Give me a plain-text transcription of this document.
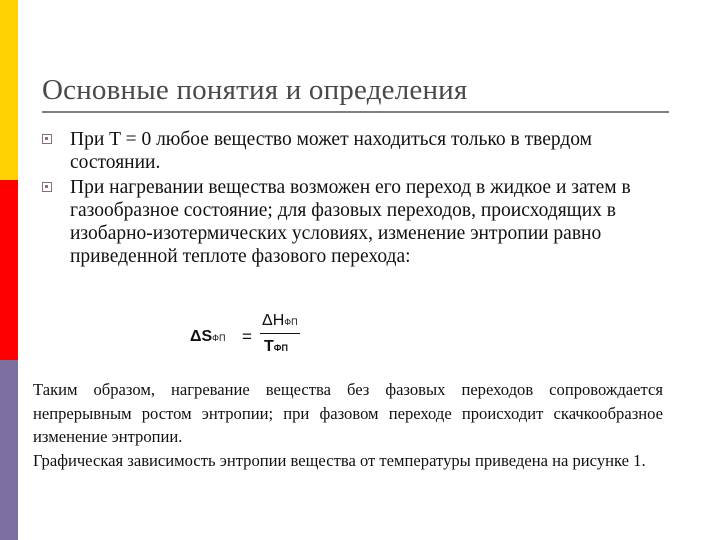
Основные понятия и определения
При T = 0 любое вещество может находиться только в твердом состоянии.
При нагревании вещества возможен его переход в жидкое и затем в газообразное состояние; для фазовых переходов, происходящих в изобарно-изотермических условиях, изменение энтропии равно приведенной теплоте фазового перехода:
ΔSФП =
ΔHФП
TФП
Таким образом, нагревание вещества без фазовых переходов сопровождается непрерывным ростом энтропии; при фазовом переходе происходит скачкообразное изменение энтропии.
Графическая зависимость энтропии вещества от температуры приведена на рисунке 1.
